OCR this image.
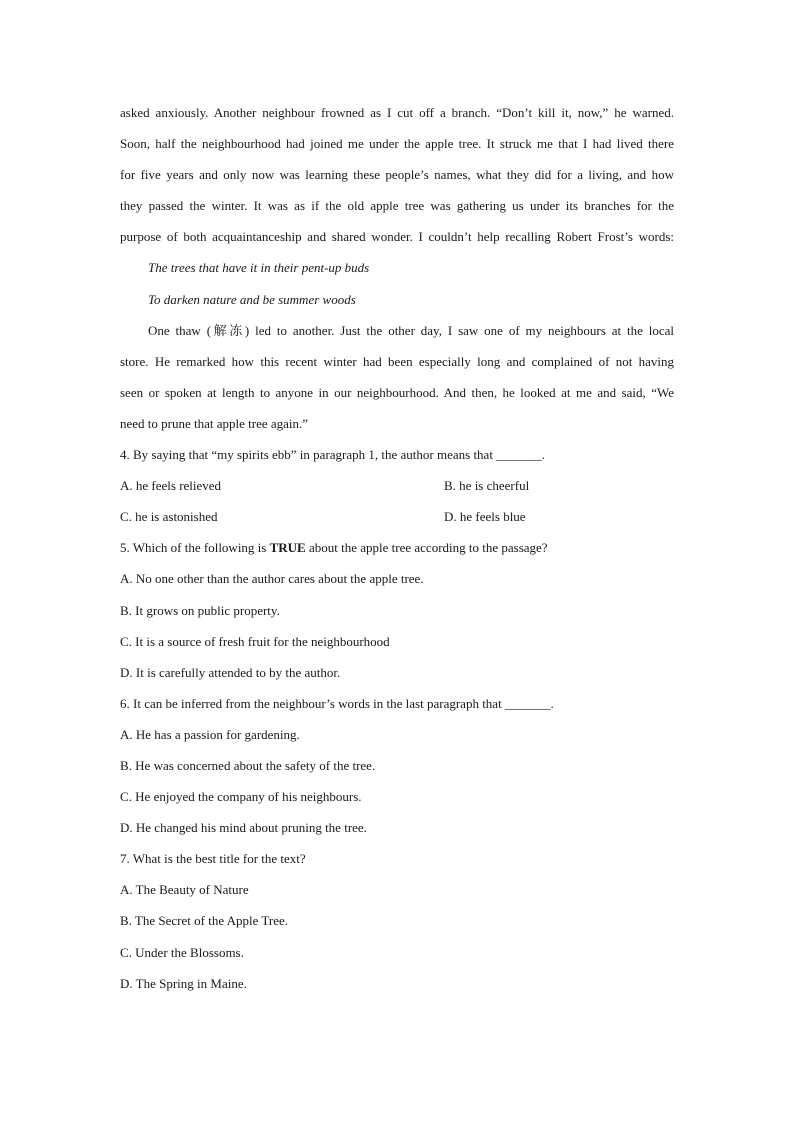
asked anxiously. Another neighbour frowned as I cut off a branch. “Don’t kill it, now,” he warned.
Soon, half the neighbourhood had joined me under the apple tree. It struck me that I had lived there
for five years and only now was learning these people’s names, what they did for a living, and how
they passed the winter. It was as if the old apple tree was gathering us under its branches for the
purpose of both acquaintanceship and shared wonder. I couldn’t help recalling Robert Frost’s words:
The trees that have it in their pent-up buds
To darken nature and be summer woods
One thaw (解冻) led to another. Just the other day, I saw one of my neighbours at the local
store. He remarked how this recent winter had been especially long and complained of not having
seen or spoken at length to anyone in our neighbourhood. And then, he looked at me and said, “We
need to prune that apple tree again.”
4. By saying that “my spirits ebb” in paragraph 1, the author means that _______.
A. he feels relieved	B. he is cheerful
C. he is astonished	D. he feels blue
5. Which of the following is TRUE about the apple tree according to the passage?
A. No one other than the author cares about the apple tree.
B. It grows on public property.
C. It is a source of fresh fruit for the neighbourhood
D. It is carefully attended to by the author.
6. It can be inferred from the neighbour’s words in the last paragraph that _______.
A. He has a passion for gardening.
B. He was concerned about the safety of the tree.
C. He enjoyed the company of his neighbours.
D. He changed his mind about pruning the tree.
7. What is the best title for the text?
A. The Beauty of Nature
B. The Secret of the Apple Tree.
C. Under the Blossoms.
D. The Spring in Maine.
